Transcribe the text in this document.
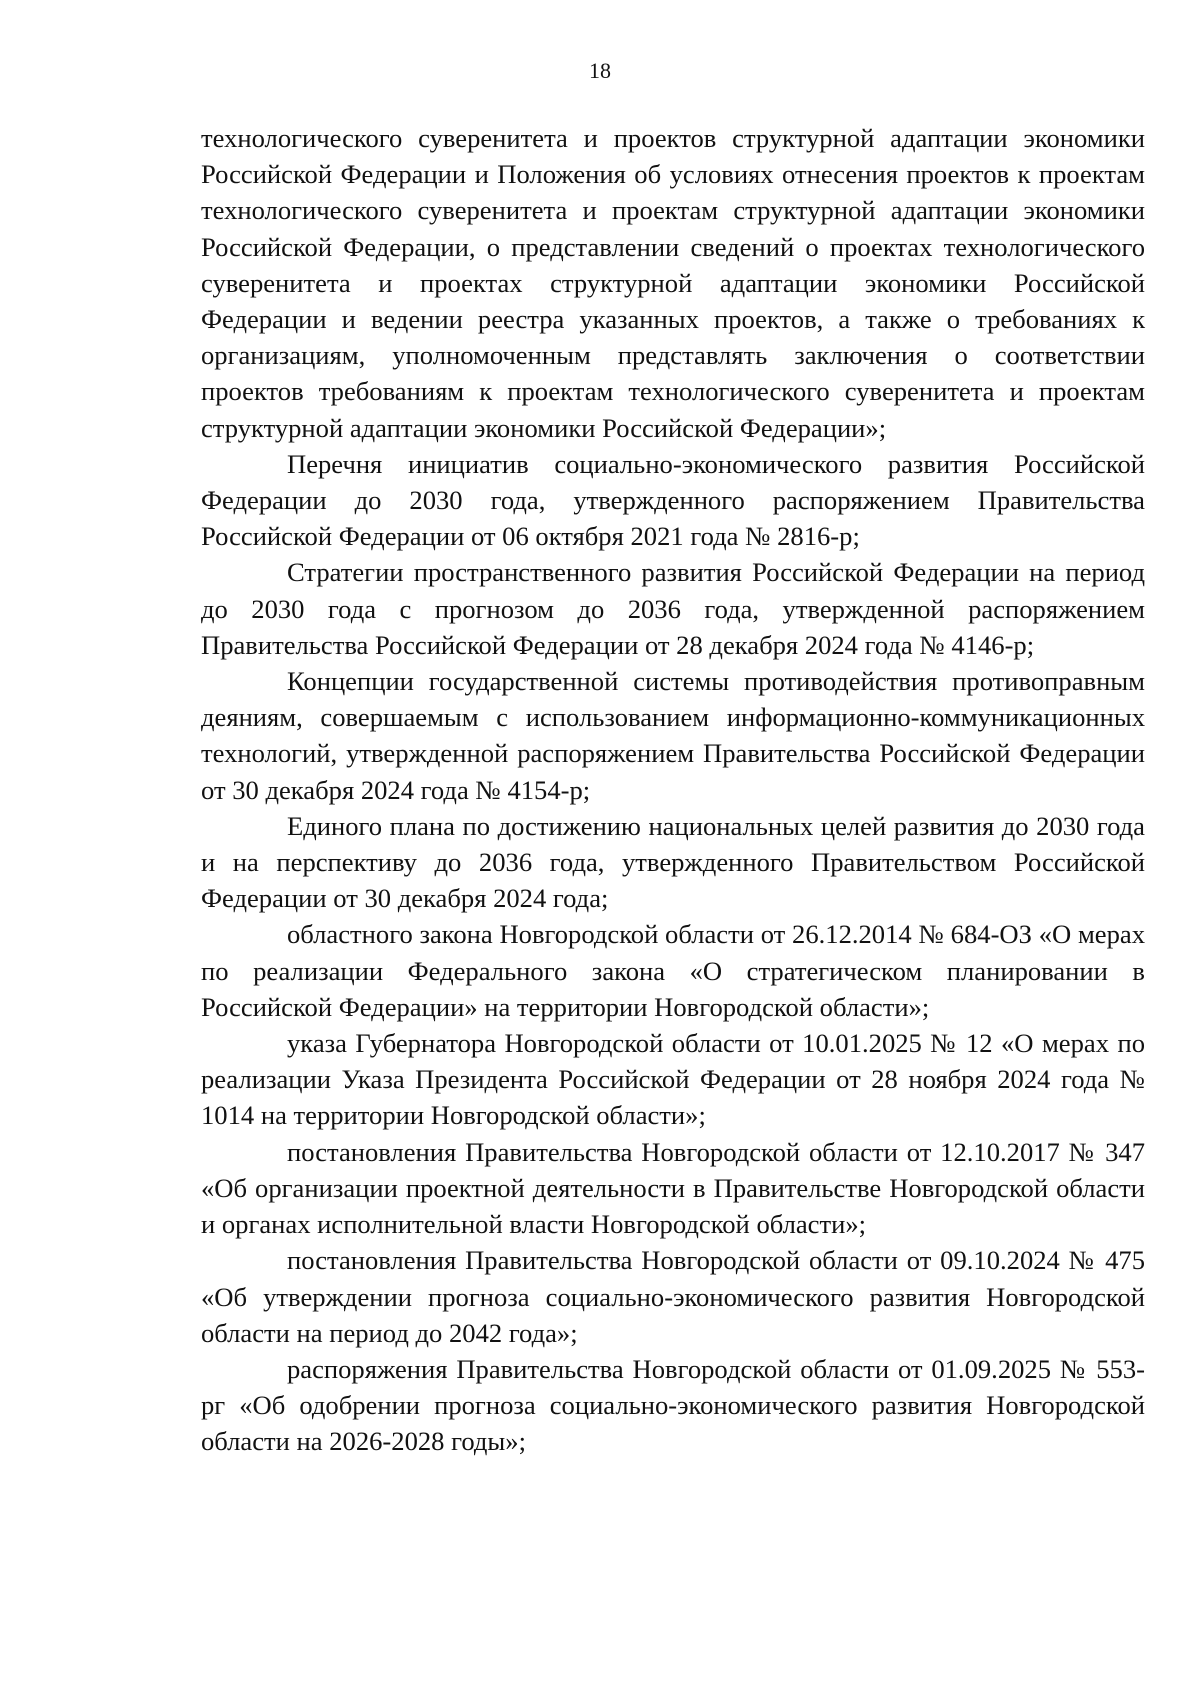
18

технологического суверенитета и проектов структурной адаптации экономики Российской Федерации и Положения об условиях отнесения проектов к проектам технологического суверенитета и проектам структурной адаптации экономики Российской Федерации, о представлении сведений о проектах технологического суверенитета и проектах структурной адаптации экономики Российской Федерации и ведении реестра указанных проектов, а также о требованиях к организациям, уполномоченным представлять заключения о соответствии проектов требованиям к проектам технологического суверенитета и проектам структурной адаптации экономики Российской Федерации»;

Перечня инициатив социально-экономического развития Российской Федерации до 2030 года, утвержденного распоряжением Правительства Российской Федерации от 06 октября 2021 года № 2816-р;

Стратегии пространственного развития Российской Федерации на период до 2030 года с прогнозом до 2036 года, утвержденной распоряжением Правительства Российской Федерации от 28 декабря 2024 года № 4146-р;

Концепции государственной системы противодействия противоправным деяниям, совершаемым с использованием информационно-коммуникационных технологий, утвержденной распоряжением Правительства Российской Федерации от 30 декабря 2024 года № 4154-р;

Единого плана по достижению национальных целей развития до 2030 года и на перспективу до 2036 года, утвержденного Правительством Российской Федерации от 30 декабря 2024 года;

областного закона Новгородской области от 26.12.2014 № 684-ОЗ «О мерах по реализации Федерального закона «О стратегическом планировании в Российской Федерации» на территории Новгородской области»;

указа Губернатора Новгородской области от 10.01.2025 № 12 «О мерах по реализации Указа Президента Российской Федерации от 28 ноября 2024 года № 1014 на территории Новгородской области»;

постановления Правительства Новгородской области от 12.10.2017 № 347 «Об организации проектной деятельности в Правительстве Новгородской области и органах исполнительной власти Новгородской области»;

постановления Правительства Новгородской области от 09.10.2024 № 475 «Об утверждении прогноза социально-экономического развития Новгородской области на период до 2042 года»;

распоряжения Правительства Новгородской области от 01.09.2025 № 553-рг «Об одобрении прогноза социально-экономического развития Новгородской области на 2026-2028 годы»;
